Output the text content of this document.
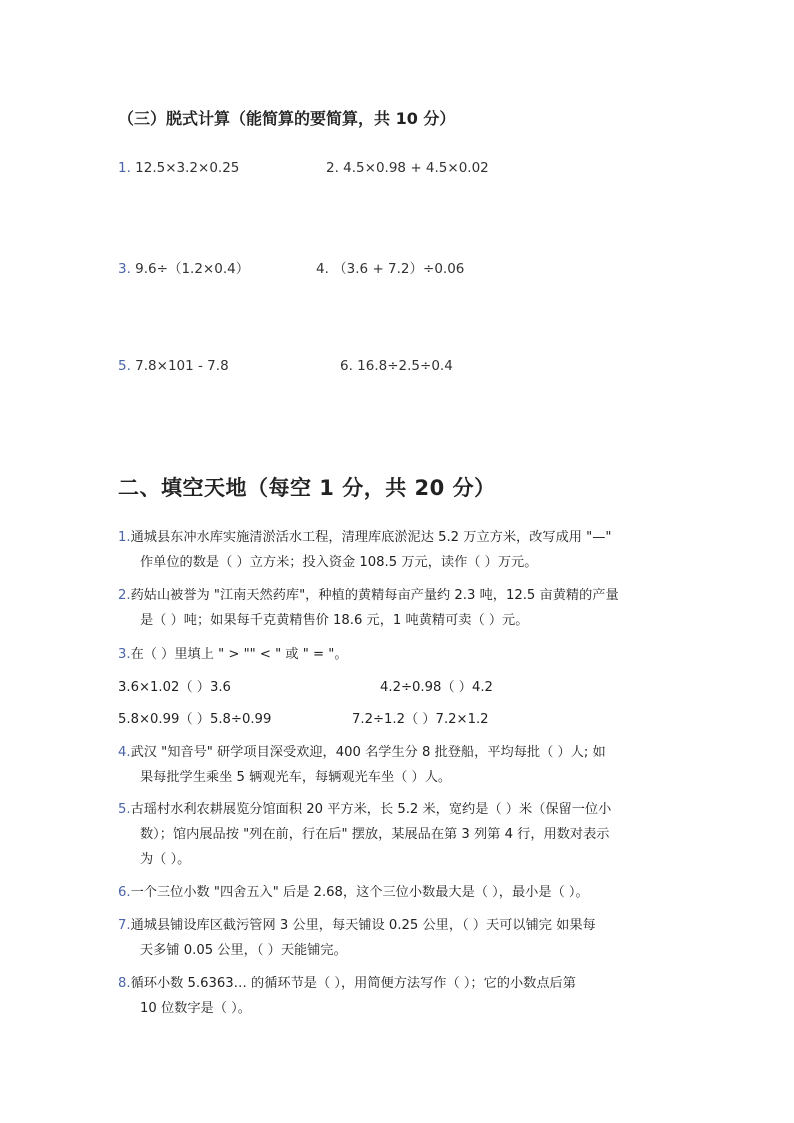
（三）脱式计算（能简算的要简算，共 10 分）
1. 12.5×3.2×0.25	2. 4.5×0.98 + 4.5×0.02
3. 9.6÷（1.2×0.4）	4. （3.6 + 7.2）÷0.06
5. 7.8×101 - 7.8	6. 16.8÷2.5÷0.4
二、填空天地（每空 1 分，共 20 分）
1.通城县东冲水库实施清淤活水工程，清理库底淤泥达 5.2 万立方米，改写成用 "—"
作单位的数是（ ）立方米；投入资金 108.5 万元，读作（ ）万元。
2.药姑山被誉为 "江南天然药库"，种植的黄精每亩产量约 2.3 吨，12.5 亩黄精的产量
是（ ）吨；如果每千克黄精售价 18.6 元，1 吨黄精可卖（ ）元。
3.在（ ）里填上 " > "" < " 或 " = "。
3.6×1.02（ ）3.6	4.2÷0.98（ ）4.2
5.8×0.99（ ）5.8÷0.99	7.2÷1.2（ ）7.2×1.2
4.武汉 "知音号" 研学项目深受欢迎，400 名学生分 8 批登船，平均每批（ ）人; 如
果每批学生乘坐 5 辆观光车，每辆观光车坐（ ）人。
5.古瑶村水利农耕展览分馆面积 20 平方米，长 5.2 米，宽约是（ ）米（保留一位小
数）；馆内展品按 "列在前，行在后" 摆放，某展品在第 3 列第 4 行，用数对表示
为（ ）。
6.一个三位小数 "四舍五入" 后是 2.68，这个三位小数最大是（ ），最小是（ ）。
7.通城县铺设库区截污管网 3 公里，每天铺设 0.25 公里，（ ）天可以铺完 如果每
天多铺 0.05 公里，（ ）天能铺完。
8.循环小数 5.6363… 的循环节是（ ），用简便方法写作（ ）；它的小数点后第
10 位数字是（ ）。
